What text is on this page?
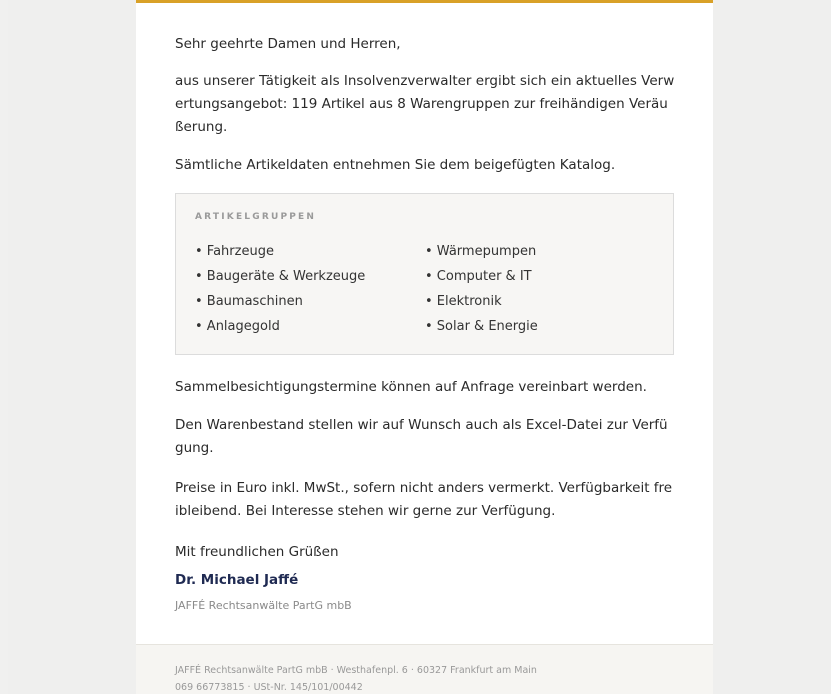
Sehr geehrte Damen und Herren,

aus unserer Tätigkeit als Insolvenzverwalter ergibt sich ein aktuelles Verwertungsangebot: 119 Artikel aus 8 Warengruppen zur freihändigen Veräußerung.

Sämtliche Artikeldaten entnehmen Sie dem beigefügten Katalog.

ARTIKELGRUPPEN
• Fahrzeuge
• Baugeräte & Werkzeuge
• Baumaschinen
• Anlagegold
• Wärmepumpen
• Computer & IT
• Elektronik
• Solar & Energie

Sammelbesichtigungstermine können auf Anfrage vereinbart werden.

Den Warenbestand stellen wir auf Wunsch auch als Excel-Datei zur Verfügung.

Preise in Euro inkl. MwSt., sofern nicht anders vermerkt. Verfügbarkeit freibleibend. Bei Interesse stehen wir gerne zur Verfügung.

Mit freundlichen Grüßen
Dr. Michael Jaffé
JAFFÉ Rechtsanwälte PartG mbB
JAFFÉ Rechtsanwälte PartG mbB · Westhafenpl. 6 · 60327 Frankfurt am Main
069 66773815 · USt-Nr. 145/101/00442
